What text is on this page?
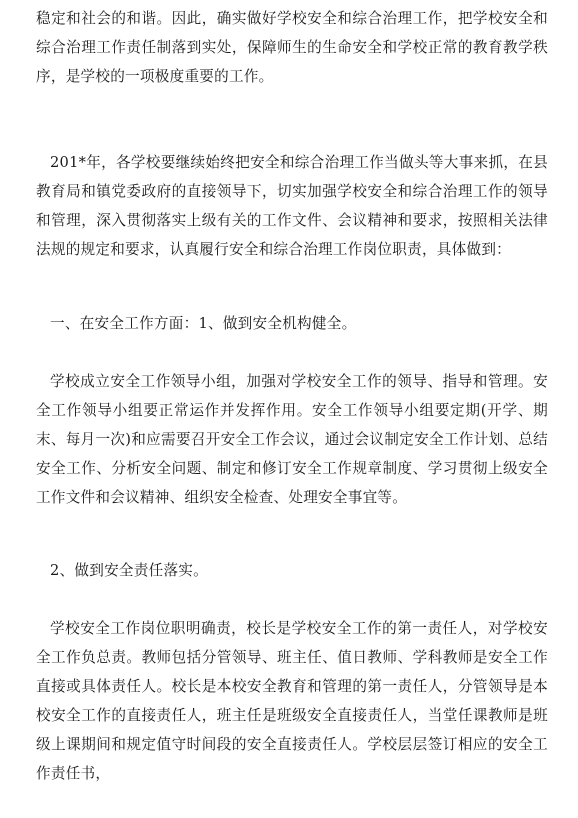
稳定和社会的和谐。因此，确实做好学校安全和综合治理工作，把学校安全和综合治理工作责任制落到实处，保障师生的生命安全和学校正常的教育教学秩序，是学校的一项极度重要的工作。

201*年，各学校要继续始终把安全和综合治理工作当做头等大事来抓，在县教育局和镇党委政府的直接领导下，切实加强学校安全和综合治理工作的领导和管理，深入贯彻落实上级有关的工作文件、会议精神和要求，按照相关法律法规的规定和要求，认真履行安全和综合治理工作岗位职责，具体做到：

一、在安全工作方面：1、做到安全机构健全。

学校成立安全工作领导小组，加强对学校安全工作的领导、指导和管理。安全工作领导小组要正常运作并发挥作用。安全工作领导小组要定期(开学、期末、每月一次)和应需要召开安全工作会议，通过会议制定安全工作计划、总结安全工作、分析安全问题、制定和修订安全工作规章制度、学习贯彻上级安全工作文件和会议精神、组织安全检查、处理安全事宜等。

2、做到安全责任落实。

学校安全工作岗位职明确责，校长是学校安全工作的第一责任人，对学校安全工作负总责。教师包括分管领导、班主任、值日教师、学科教师是安全工作直接或具体责任人。校长是本校安全教育和管理的第一责任人，分管领导是本校安全工作的直接责任人，班主任是班级安全直接责任人，当堂任课教师是班级上课期间和规定值守时间段的安全直接责任人。学校层层签订相应的安全工作责任书，
